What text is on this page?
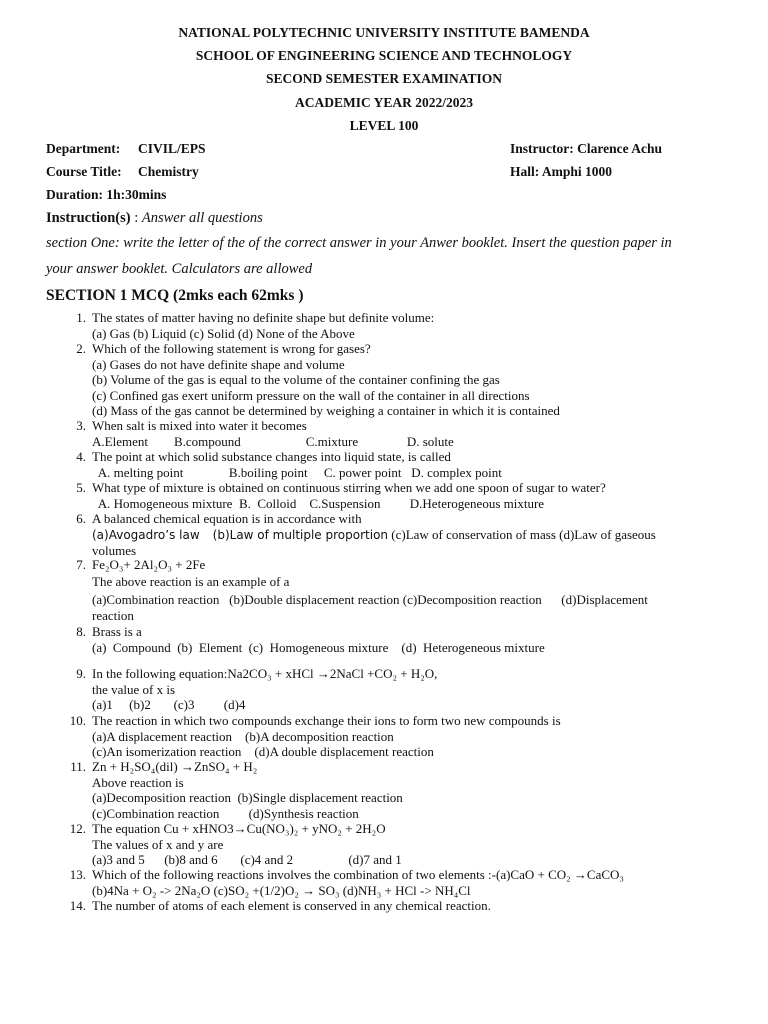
NATIONAL POLYTECHNIC UNIVERSITY INSTITUTE BAMENDA
SCHOOL OF ENGINEERING SCIENCE AND TECHNOLOGY
SECOND SEMESTER EXAMINATION
ACADEMIC YEAR 2022/2023
LEVEL 100
Department: CIVIL/EPS	Instructor: Clarence Achu
Course Title: Chemistry	Hall: Amphi 1000
Duration: 1h:30mins
Instruction(s) : Answer all questions
section One: write the letter of the of the correct answer in your Anwer booklet. Insert the question paper in
your answer booklet. Calculators are allowed
SECTION 1 MCQ (2mks each 62mks )
1. The states of matter having no definite shape but definite volume:
(a) Gas (b) Liquid (c) Solid (d) None of the Above
2. Which of the following statement is wrong for gases?
(a) Gases do not have definite shape and volume
(b) Volume of the gas is equal to the volume of the container confining the gas
(c) Confined gas exert uniform pressure on the wall of the container in all directions
(d) Mass of the gas cannot be determined by weighing a container in which it is contained
3. When salt is mixed into water it becomes
A.Element        B.compound                    C.mixture               D. solute
4. The point at which solid substance changes into liquid state, is called
A. melting point              B.boiling point     C. power point   D. complex point
5. What type of mixture is obtained on continuous stirring when we add one spoon of sugar to water?
A. Homogeneous mixture  B.  Colloid    C.Suspension         D.Heterogeneous mixture
6. A balanced chemical equation is in accordance with
(a)Avogadro’s law (b)Law of multiple proportion (c)Law of conservation of mass (d)Law of gaseous
volumes
7. Fe₂O₃+ 2Al₂O₃ + 2Fe
The above reaction is an example of a
(a)Combination reaction   (b)Double displacement reaction (c)Decomposition reaction      (d)Displacement
reaction
8. Brass is a
(a)  Compound  (b)  Element  (c)  Homogeneous mixture    (d)  Heterogeneous mixture
9. In the following equation:Na2CO₃ + xHCl →2NaCl +CO₂ + H₂O,
the value of x is
(a)1     (b)2       (c)3         (d)4
10. The reaction in which two compounds exchange their ions to form two new compounds is
(a)A displacement reaction    (b)A decomposition reaction
(c)An isomerization reaction    (d)A double displacement reaction
11. Zn + H₂SO₄(dil) →ZnSO₄ + H₂
Above reaction is
(a)Decomposition reaction  (b)Single displacement reaction
(c)Combination reaction         (d)Synthesis reaction
12. The equation Cu + xHNO3→Cu(NO₃)₂ + yNO₂ + 2H₂O
The values of x and y are
(a)3 and 5      (b)8 and 6       (c)4 and 2                 (d)7 and 1
13. Which of the following reactions involves the combination of two elements :-(a)CaO + CO₂ →CaCO₃
(b)4Na + O₂ -> 2Na₂O (c)SO₂ +(1/2)O₂ → SO₃ (d)NH₃ + HCl -> NH₄Cl
14. The number of atoms of each element is conserved in any chemical reaction.
